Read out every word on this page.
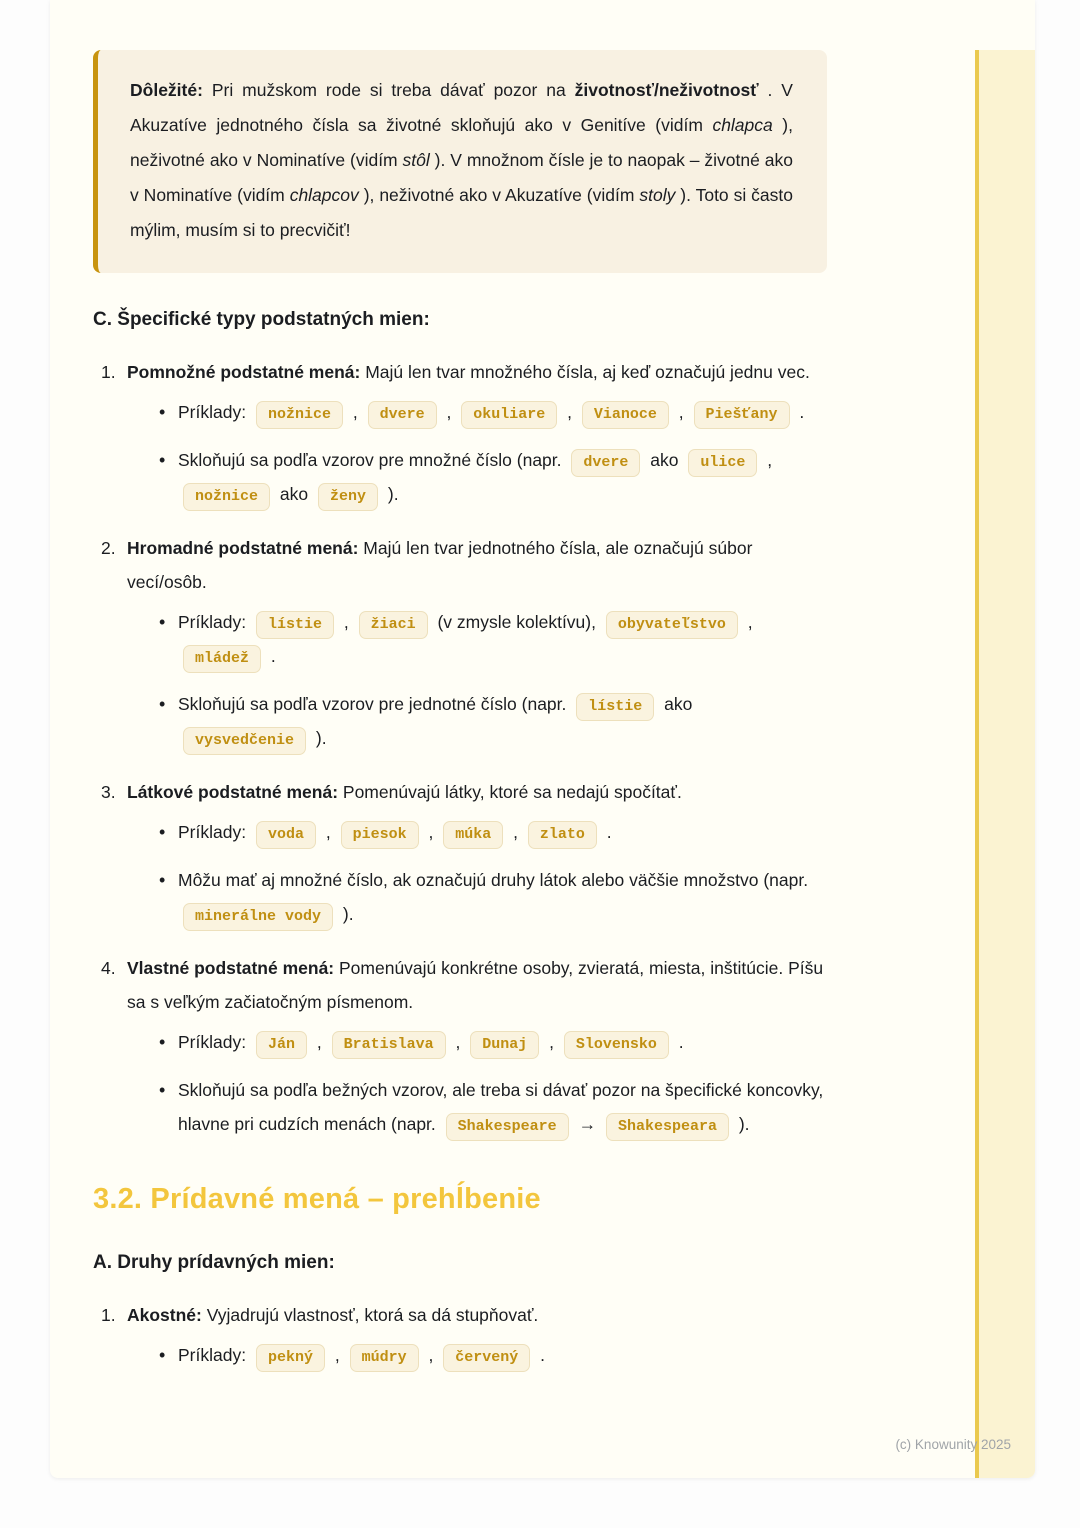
Dôležité: Pri mužskom rode si treba dávať pozor na životnosť/neživotnosť . V Akuzatíve jednotného čísla sa životné skloňujú ako v Genitíve (vidím chlapca ), neživotné ako v Nominatíve (vidím stôl ). V množnom čísle je to naopak – životné ako v Nominatíve (vidím chlapcov ), neživotné ako v Akuzatíve (vidím stoly ). Toto si často mýlim, musím si to precvičiť!

C. Špecifické typy podstatných mien:

Pomnožné podstatné mená: Majú len tvar množného čísla, aj keď označujú jednu vec.

• Príklady: nožnice , dvere , okuliare , Vianoce , Piešťany .
• Skloňujú sa podľa vzorov pre množné číslo (napr. dvere ako ulice , nožnice ako ženy ).

Hromadné podstatné mená: Majú len tvar jednotného čísla, ale označujú súbor vecí/osôb.

• Príklady: lístie , žiaci (v zmysle kolektívu), obyvateľstvo , mládež .
• Skloňujú sa podľa vzorov pre jednotné číslo (napr. lístie ako vysvedčenie ).

Látkové podstatné mená: Pomenúvajú látky, ktoré sa nedajú spočítať.

• Príklady: voda , piesok , múka , zlato .
• Môžu mať aj množné číslo, ak označujú druhy látok alebo väčšie množstvo (napr. minerálne vody ).

Vlastné podstatné mená: Pomenúvajú konkrétne osoby, zvieratá, miesta, inštitúcie. Píšu sa s veľkým začiatočným písmenom.

• Príklady: Ján , Bratislava , Dunaj , Slovensko .
• Skloňujú sa podľa bežných vzorov, ale treba si dávať pozor na špecifické koncovky, hlavne pri cudzích menách (napr. Shakespeare → Shakespeara ).
3.2. Prídavné mená – prehĺbenie
A. Druhy prídavných mien:

Akostné: Vyjadrujú vlastnosť, ktorá sa dá stupňovať.

• Príklady: pekný , múdry , červený .
(c) Knowunity 2025
